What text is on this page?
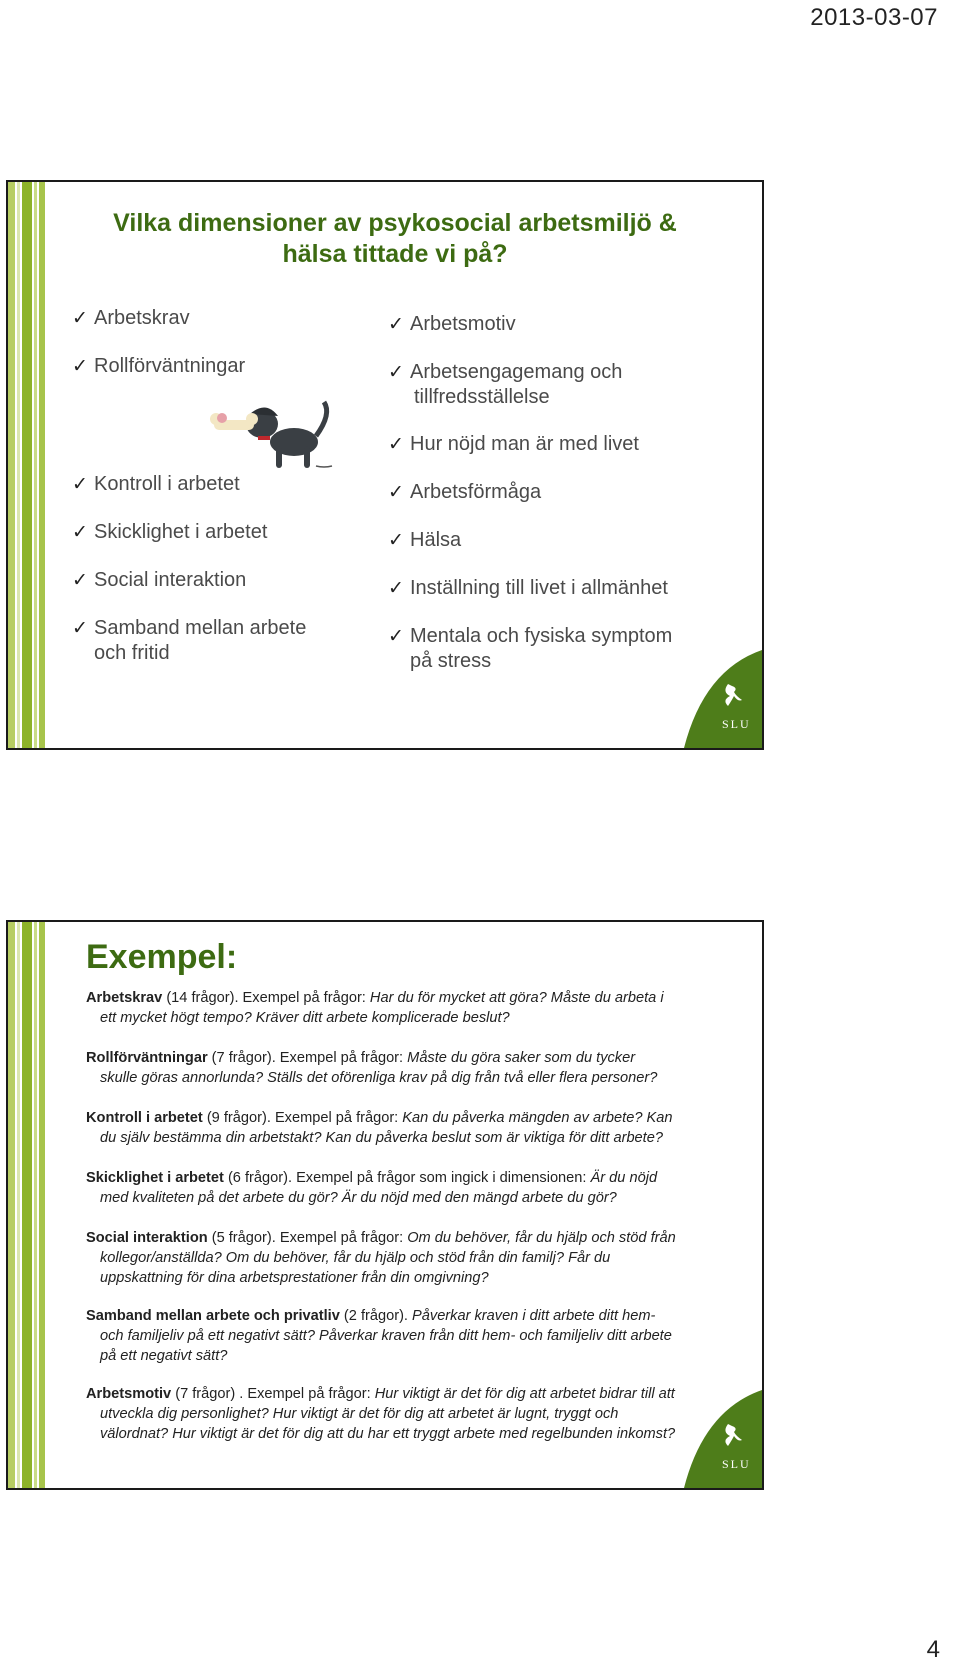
2013-03-07
Vilka dimensioner av psykosocial arbetsmiljö &
hälsa tittade vi på?
✓ Arbetskrav
✓ Rollförväntningar
✓ Kontroll i arbetet
✓ Skicklighet i arbetet
✓ Social interaktion
✓ Samband mellan arbete
och fritid
✓ Arbetsmotiv
✓ Arbetsengagemang och
tillfredsställelse
✓ Hur nöjd man är med livet
✓ Arbetsförmåga
✓ Hälsa
✓ Inställning till livet i allmänhet
✓ Mentala och fysiska symptom
på stress
SLU
Exempel:
Arbetskrav (14 frågor). Exempel på frågor: Har du för mycket att göra? Måste du arbeta i
ett mycket högt tempo? Kräver ditt arbete komplicerade beslut?
Rollförväntningar (7 frågor). Exempel på frågor: Måste du göra saker som du tycker
skulle göras annorlunda? Ställs det oförenliga krav på dig från två eller flera personer?
Kontroll i arbetet (9 frågor). Exempel på frågor: Kan du påverka mängden av arbete? Kan
du själv bestämma din arbetstakt? Kan du påverka beslut som är viktiga för ditt arbete?
Skicklighet i arbetet (6 frågor). Exempel på frågor som ingick i dimensionen: Är du nöjd
med kvaliteten på det arbete du gör? Är du nöjd med den mängd arbete du gör?
Social interaktion (5 frågor). Exempel på frågor: Om du behöver, får du hjälp och stöd från
kollegor/anställda? Om du behöver, får du hjälp och stöd från din familj? Får du
uppskattning för dina arbetsprestationer från din omgivning?
Samband mellan arbete och privatliv (2 frågor). Påverkar kraven i ditt arbete ditt hem-
och familjeliv på ett negativt sätt? Påverkar kraven från ditt hem- och familjeliv ditt arbete
på ett negativt sätt?
Arbetsmotiv (7 frågor) . Exempel på frågor: Hur viktigt är det för dig att arbetet bidrar till att
utveckla dig personlighet? Hur viktigt är det för dig att arbetet är lugnt, tryggt och
välordnat? Hur viktigt är det för dig att du har ett tryggt arbete med regelbunden inkomst?
SLU
4
